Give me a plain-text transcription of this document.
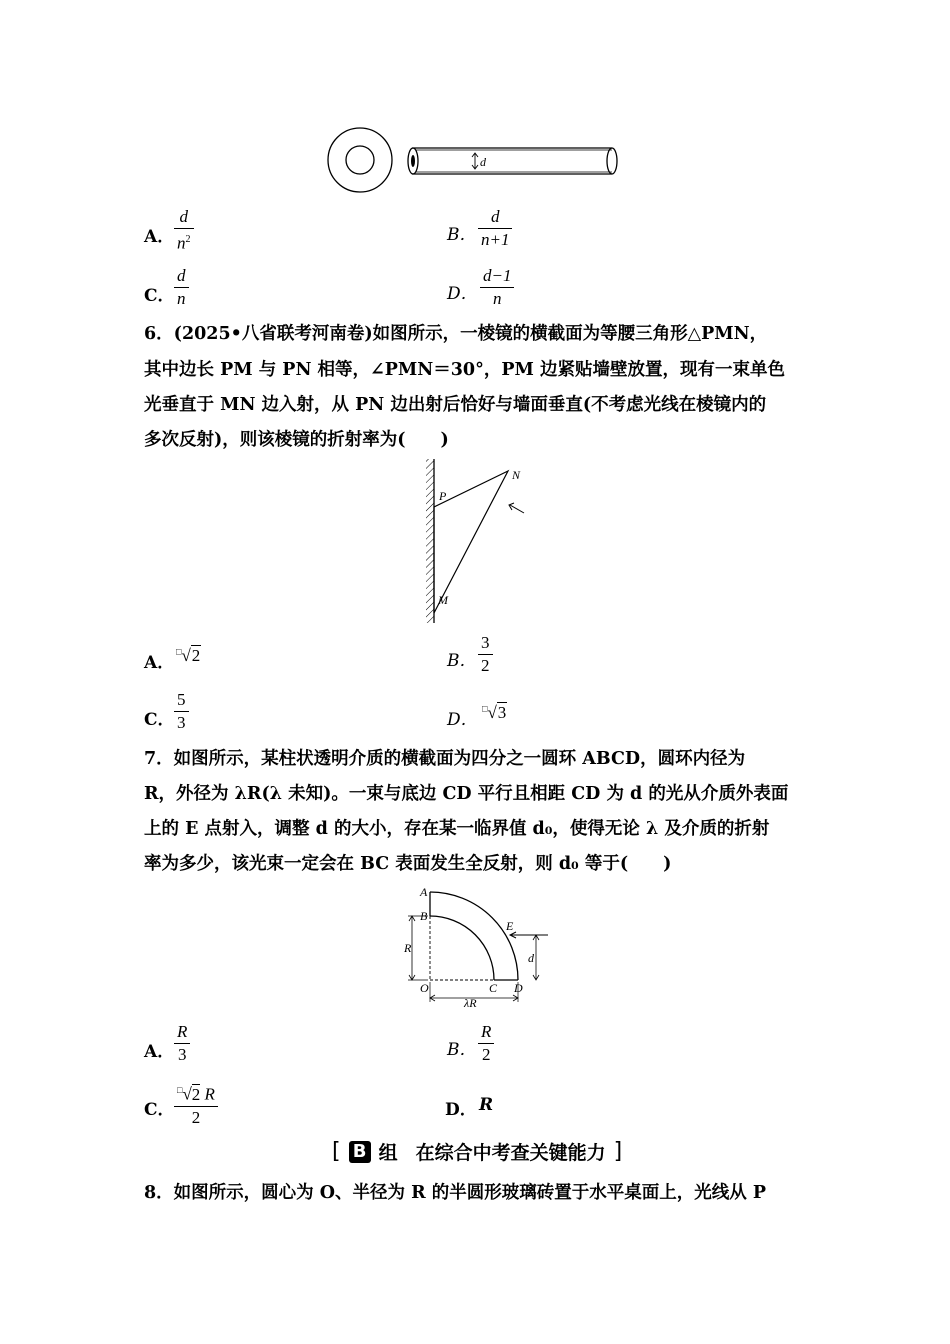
d
A．
d
$n^2$	B．
d
n+1
C．
d
n	D．
d−1
n
6．(2025•八省联考河南卷)如图所示，一棱镜的横截面为等腰三角形△PMN，
其中边长 PM 与 PN 相等，∠PMN＝30°，PM 边紧贴墙壁放置，现有一束单色
光垂直于 MN 边入射，从 PN 边出射后恰好与墙面垂直(不考虑光线在棱镜内的
多次反射)，则该棱镜的折射率为(　　)
P
N
M
A．
□√2	B．
3
2
C．
5
3	D．
□√3
7．如图所示，某柱状透明介质的横截面为四分之一圆环 ABCD，圆环内径为
R，外径为 λR(λ 未知)。一束与底边 CD 平行且相距 CD 为 d 的光从介质外表面
上的 E 点射入，调整 d 的大小，存在某一临界值 d₀，使得无论 λ 及介质的折射
率为多少，该光束一定会在 BC 表面发生全反射，则 d₀ 等于(　　)
A
B
E
R
d
O	C D
λR
A．
R
3	B．
R
2
C．
□√2 R
2	D． R
[ B 组 在综合中考查关键能力 ]
8．如图所示，圆心为 O、半径为 R 的半圆形玻璃砖置于水平桌面上，光线从 P
